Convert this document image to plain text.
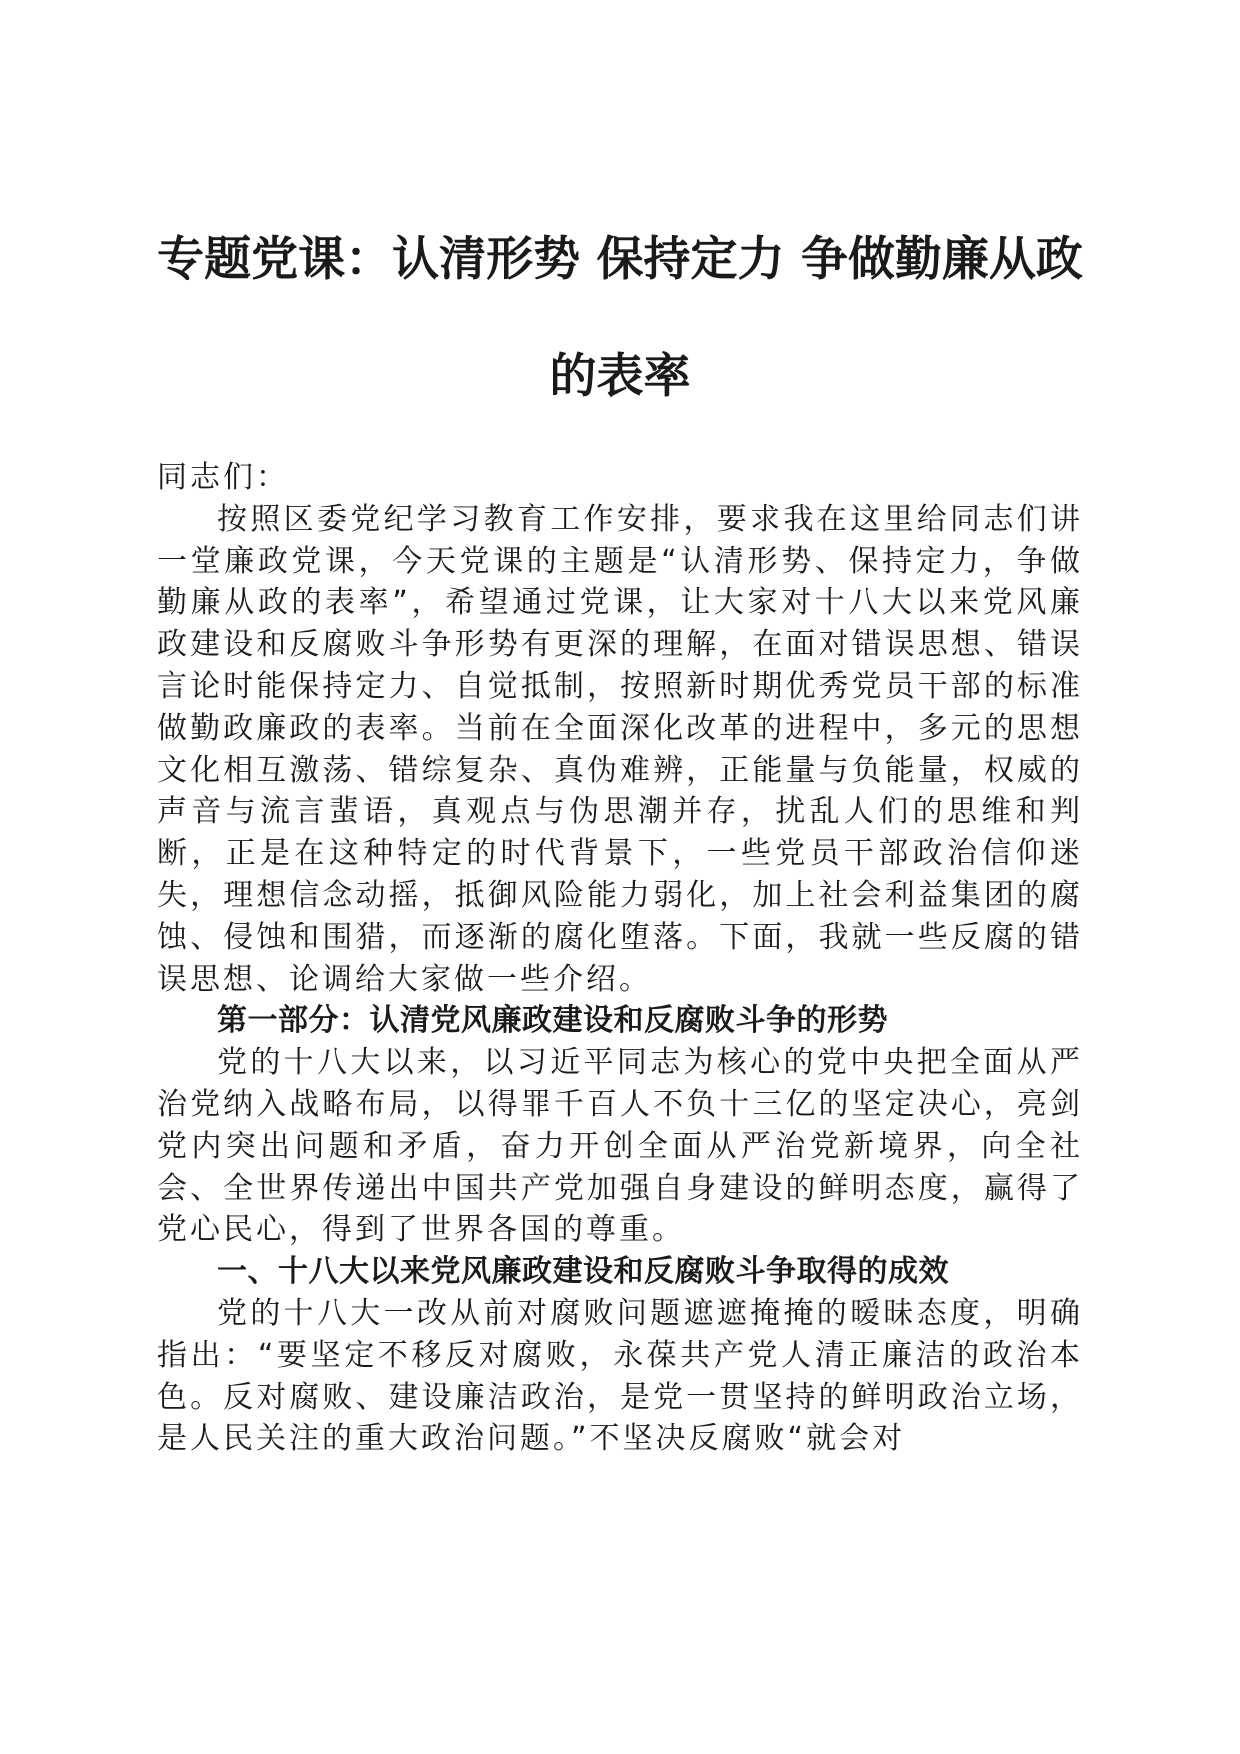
专题党课：认清形势 保持定力 争做勤廉从政
的表率

同志们：

按照区委党纪学习教育工作安排，要求我在这里给同志们讲一堂廉政党课，今天党课的主题是“认清形势、保持定力，争做勤廉从政的表率”，希望通过党课，让大家对十八大以来党风廉政建设和反腐败斗争形势有更深的理解，在面对错误思想、错误言论时能保持定力、自觉抵制，按照新时期优秀党员干部的标准做勤政廉政的表率。当前在全面深化改革的进程中，多元的思想文化相互激荡、错综复杂、真伪难辨，正能量与负能量，权威的声音与流言蜚语，真观点与伪思潮并存，扰乱人们的思维和判断，正是在这种特定的时代背景下，一些党员干部政治信仰迷失，理想信念动摇，抵御风险能力弱化，加上社会利益集团的腐蚀、侵蚀和围猎，而逐渐的腐化堕落。下面，我就一些反腐的错误思想、论调给大家做一些介绍。

第一部分：认清党风廉政建设和反腐败斗争的形势

党的十八大以来，以习近平同志为核心的党中央把全面从严治党纳入战略布局，以得罪千百人不负十三亿的坚定决心，亮剑党内突出问题和矛盾，奋力开创全面从严治党新境界，向全社会、全世界传递出中国共产党加强自身建设的鲜明态度，赢得了党心民心，得到了世界各国的尊重。

一、十八大以来党风廉政建设和反腐败斗争取得的成效

党的十八大一改从前对腐败问题遮遮掩掩的暧昧态度，明确指出：“要坚定不移反对腐败，永葆共产党人清正廉洁的政治本色。反对腐败、建设廉洁政治，是党一贯坚持的鲜明政治立场，是人民关注的重大政治问题。”不坚决反腐败“就会对
